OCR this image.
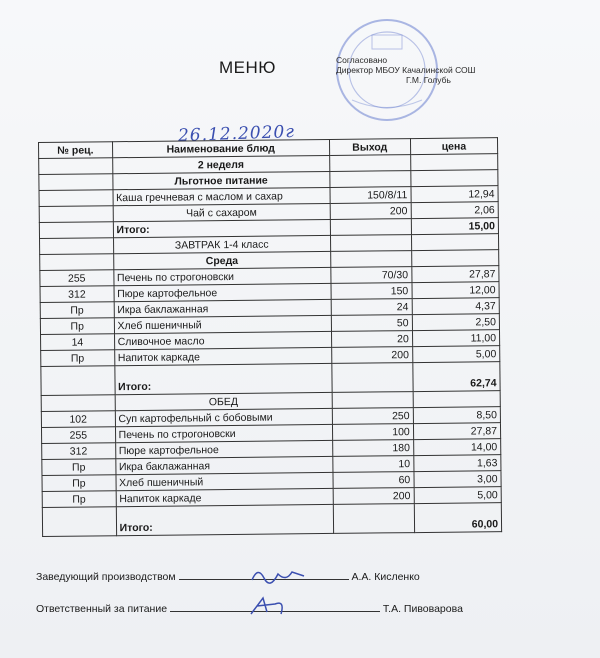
МЕНЮ	Согласовано
Директор МБОУ Качалинской СОШ
Г.М. Голубь
26.12.2020г
№ рец.	Наименование блюд	Выход	цена
	2 неделя		
	Льготное питание		
	Каша гречневая с маслом и сахар	150/8/11	12,94
	Чай с сахаром	200	2,06
	Итого:		15,00
	ЗАВТРАК 1-4 класс		
	Среда		
255	Печень по строгоновски	70/30	27,87
312	Пюре картофельное	150	12,00
Пр	Икра баклажанная	24	4,37
Пр	Хлеб пшеничный	50	2,50
14	Сливочное масло	20	11,00
Пр	Напиток каркаде	200	5,00
	Итого:		62,74
	ОБЕД		
102	Суп картофельный с бобовыми	250	8,50
255	Печень по строгоновски	100	27,87
312	Пюре картофельное	180	14,00
Пр	Икра баклажанная	10	1,63
Пр	Хлеб пшеничный	60	3,00
Пр	Напиток каркаде	200	5,00
	Итого:		60,00
Заведующий производством	А.А. Кисленко
Ответственный за питание	Т.А. Пивоварова
